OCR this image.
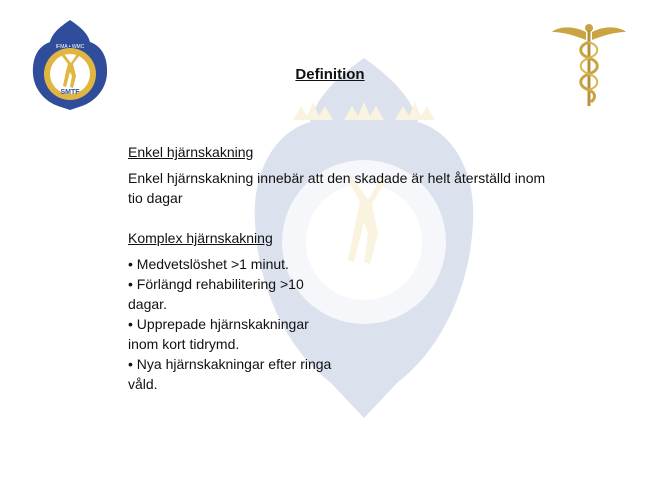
SMTF
IFMA • WMC
SMTF
Definition
Enkel hjärnskakning
Enkel hjärnskakning innebär att den skadade är helt återställd inom tio dagar
Komplex hjärnskakning
• Medvetslöshet >1 minut.
• Förlängd rehabilitering >10 dagar.
• Upprepade hjärnskakningar inom kort tidrymd.
• Nya hjärnskakningar efter ringa våld.
